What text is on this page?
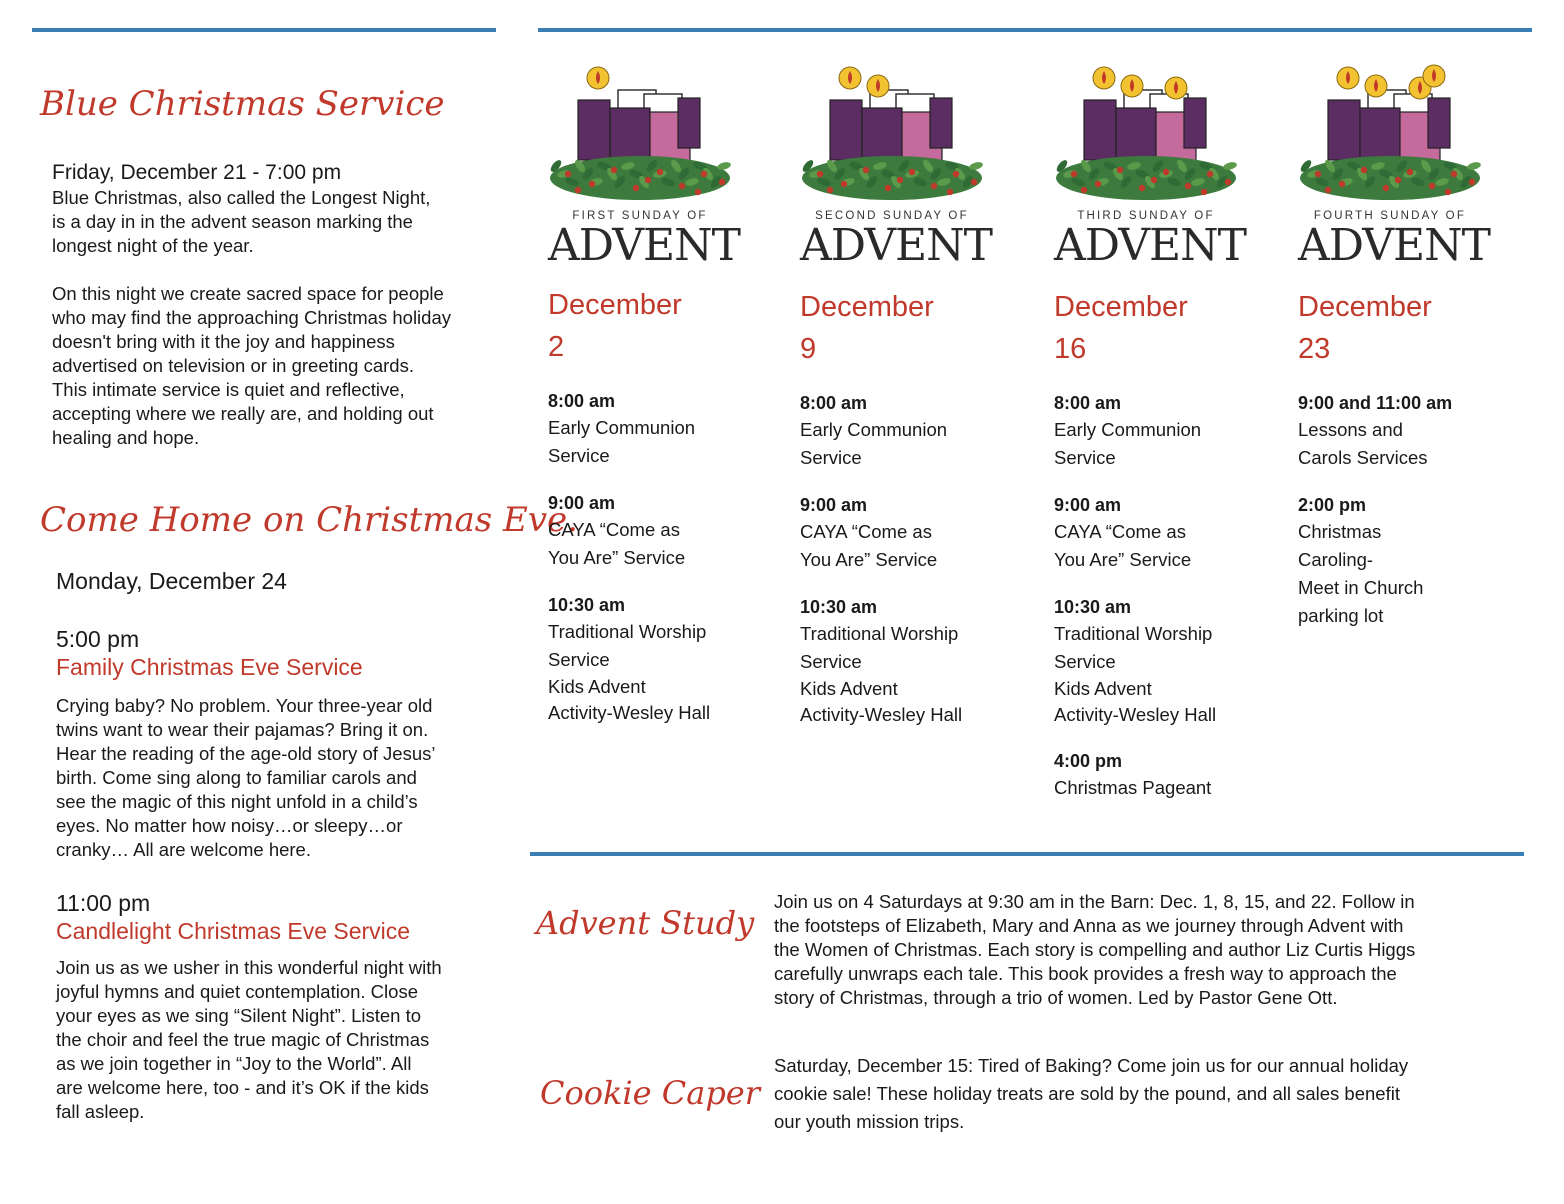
Blue Christmas Service
Friday, December 21 - 7:00 pm
Blue Christmas, also called the Longest Night,
is a day in in the advent season marking the
longest night of the year.
On this night we create sacred space for people
who may find the approaching Christmas holiday
doesn't bring with it the joy and happiness
advertised on television or in greeting cards.
This intimate service is quiet and reflective,
accepting where we really are, and holding out
healing and hope.
Come Home on Christmas Eve.
Monday, December 24
5:00 pm
Family Christmas Eve Service
Crying baby? No problem. Your three-year old
twins want to wear their pajamas? Bring it on.
Hear the reading of the age-old story of Jesus’
birth. Come sing along to familiar carols and
see the magic of this night unfold in a child’s
eyes. No matter how noisy…or sleepy…or
cranky… All are welcome here.
11:00 pm
Candlelight Christmas Eve Service
Join us as we usher in this wonderful night with
joyful hymns and quiet contemplation. Close
your eyes as we sing “Silent Night”. Listen to
the choir and feel the true magic of Christmas
as we join together in “Joy to the World”. All
are welcome here, too - and it’s OK if the kids
fall asleep.
FIRST SUNDAY OF
ADVENT
December
2
8:00 am
Early Communion
Service
9:00 am
CAYA “Come as
You Are” Service
10:30 am
Traditional Worship
Service
Kids Advent
Activity-Wesley Hall
SECOND SUNDAY OF
ADVENT
December
9
8:00 am
Early Communion
Service
9:00 am
CAYA “Come as
You Are” Service
10:30 am
Traditional Worship
Service
Kids Advent
Activity-Wesley Hall
THIRD SUNDAY OF
ADVENT
December
16
8:00 am
Early Communion
Service
9:00 am
CAYA “Come as
You Are” Service
10:30 am
Traditional Worship
Service
Kids Advent
Activity-Wesley Hall
4:00 pm
Christmas Pageant
FOURTH SUNDAY OF
ADVENT
December
23
9:00 and 11:00 am
Lessons and
Carols Services
2:00 pm
Christmas
Caroling-
Meet in Church
parking lot
Advent Study
Join us on 4 Saturdays at 9:30 am in the Barn: Dec. 1, 8, 15, and 22. Follow in
the footsteps of Elizabeth, Mary and Anna as we journey through Advent with
the Women of Christmas. Each story is compelling and author Liz Curtis Higgs
carefully unwraps each tale. This book provides a fresh way to approach the
story of Christmas, through a trio of women. Led by Pastor Gene Ott.
Cookie Caper
Saturday, December 15: Tired of Baking? Come join us for our annual holiday
cookie sale! These holiday treats are sold by the pound, and all sales benefit
our youth mission trips.
